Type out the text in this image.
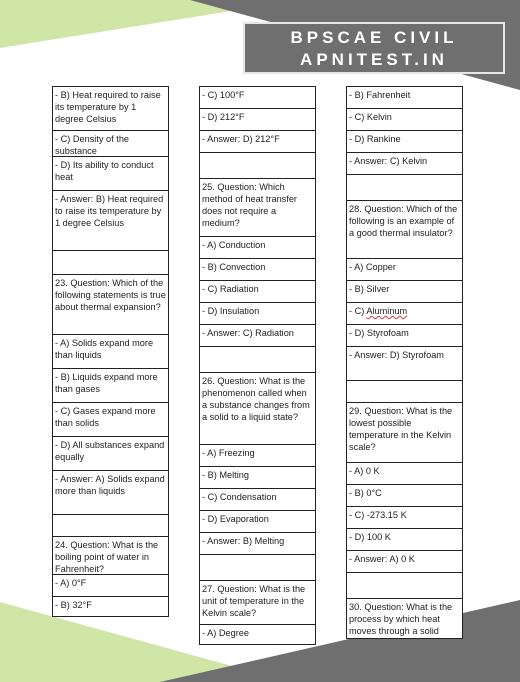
BPSCAE CIVIL
APNITEST.IN
- B) Heat required to raise its temperature by 1 degree Celsius
- C) Density of the substance
- D) Its ability to conduct heat
- Answer: B) Heat required to raise its temperature by 1 degree Celsius
23. Question: Which of the following statements is true about thermal expansion?
- A) Solids expand more than liquids
- B) Liquids expand more than gases
- C) Gases expand more than solids
- D) All substances expand equally
- Answer: A) Solids expand more than liquids
24. Question: What is the boiling point of water in Fahrenheit?
- A) 0°F
- B) 32°F
- C) 100°F
- D) 212°F
- Answer: D) 212°F
25. Question: Which method of heat transfer does not require a medium?
- A) Conduction
- B) Convection
- C) Radiation
- D) Insulation
- Answer: C) Radiation
26. Question: What is the phenomenon called when a substance changes from a solid to a liquid state?
- A) Freezing
- B) Melting
- C) Condensation
- D) Evaporation
- Answer: B) Melting
27. Question: What is the unit of temperature in the Kelvin scale?
- A) Degree
- B) Fahrenheit
- C) Kelvin
- D) Rankine
- Answer: C) Kelvin
28. Question: Which of the following is an example of a good thermal insulator?
- A) Copper
- B) Silver
- C) Aluminum
- D) Styrofoam
- Answer: D) Styrofoam
29. Question: What is the lowest possible temperature in the Kelvin scale?
- A) 0 K
- B) 0°C
- C) -273.15 K
- D) 100 K
- Answer: A) 0 K
30. Question: What is the process by which heat moves through a solid
